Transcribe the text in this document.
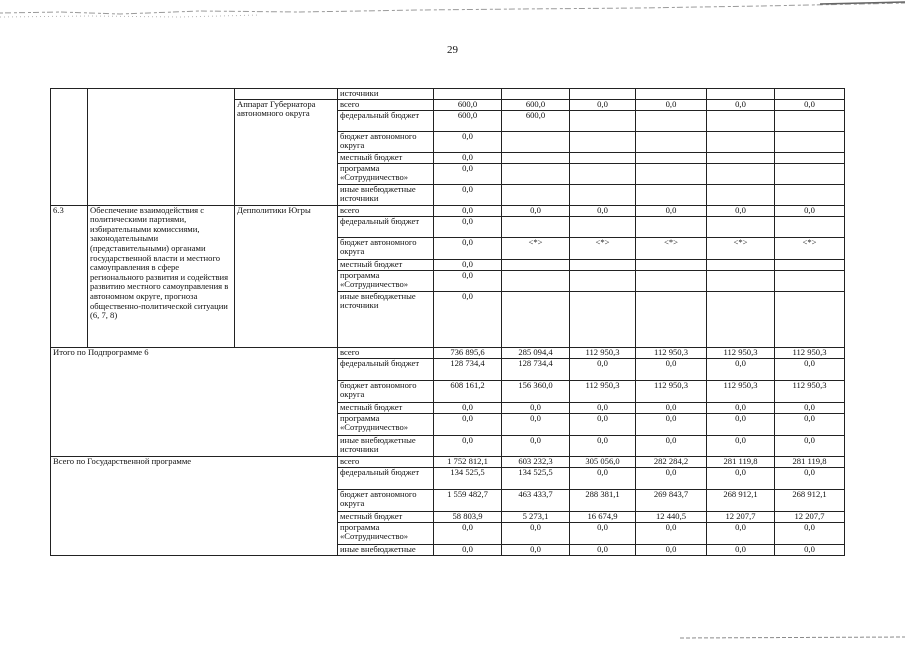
29
			источники						
		Аппарат Губернатора автономного округа	всего	600,0	600,0	0,0	0,0	0,0	0,0
			федеральный бюджет	600,0	600,0				
			бюджет автономного округа	0,0					
			местный бюджет	0,0					
			программа «Сотрудничество»	0,0					
			иные внебюджетные источники	0,0					
6.3	Обеспечение взаимодействия с политическими партиями, избирательными комиссиями, законодательными (представительными) органами государственной власти и местного самоуправления в сфере регионального развития и содействия развитию местного самоуправления в автономном округе, прогноза общественно-политической ситуации (6, 7, 8)	Депполитики Югры	всего	0,0	0,0	0,0	0,0	0,0	0,0
			федеральный бюджет	0,0					
			бюджет автономного округа	0,0	<*>	<*>	<*>	<*>	<*>
			местный бюджет	0,0					
			программа «Сотрудничество»	0,0					
			иные внебюджетные источники	0,0					
Итого по Подпрограмме 6			всего	736 895,6	285 094,4	112 950,3	112 950,3	112 950,3	112 950,3
			федеральный бюджет	128 734,4	128 734,4	0,0	0,0	0,0	0,0
			бюджет автономного округа	608 161,2	156 360,0	112 950,3	112 950,3	112 950,3	112 950,3
			местный бюджет	0,0	0,0	0,0	0,0	0,0	0,0
			программа «Сотрудничество»	0,0	0,0	0,0	0,0	0,0	0,0
			иные внебюджетные источники	0,0	0,0	0,0	0,0	0,0	0,0
Всего по Государственной программе			всего	1 752 812,1	603 232,3	305 056,0	282 284,2	281 119,8	281 119,8
			федеральный бюджет	134 525,5	134 525,5	0,0	0,0	0,0	0,0
			бюджет автономного округа	1 559 482,7	463 433,7	288 381,1	269 843,7	268 912,1	268 912,1
			местный бюджет	58 803,9	5 273,1	16 674,9	12 440,5	12 207,7	12 207,7
			программа «Сотрудничество»	0,0	0,0	0,0	0,0	0,0	0,0
			иные внебюджетные	0,0	0,0	0,0	0,0	0,0	0,0
